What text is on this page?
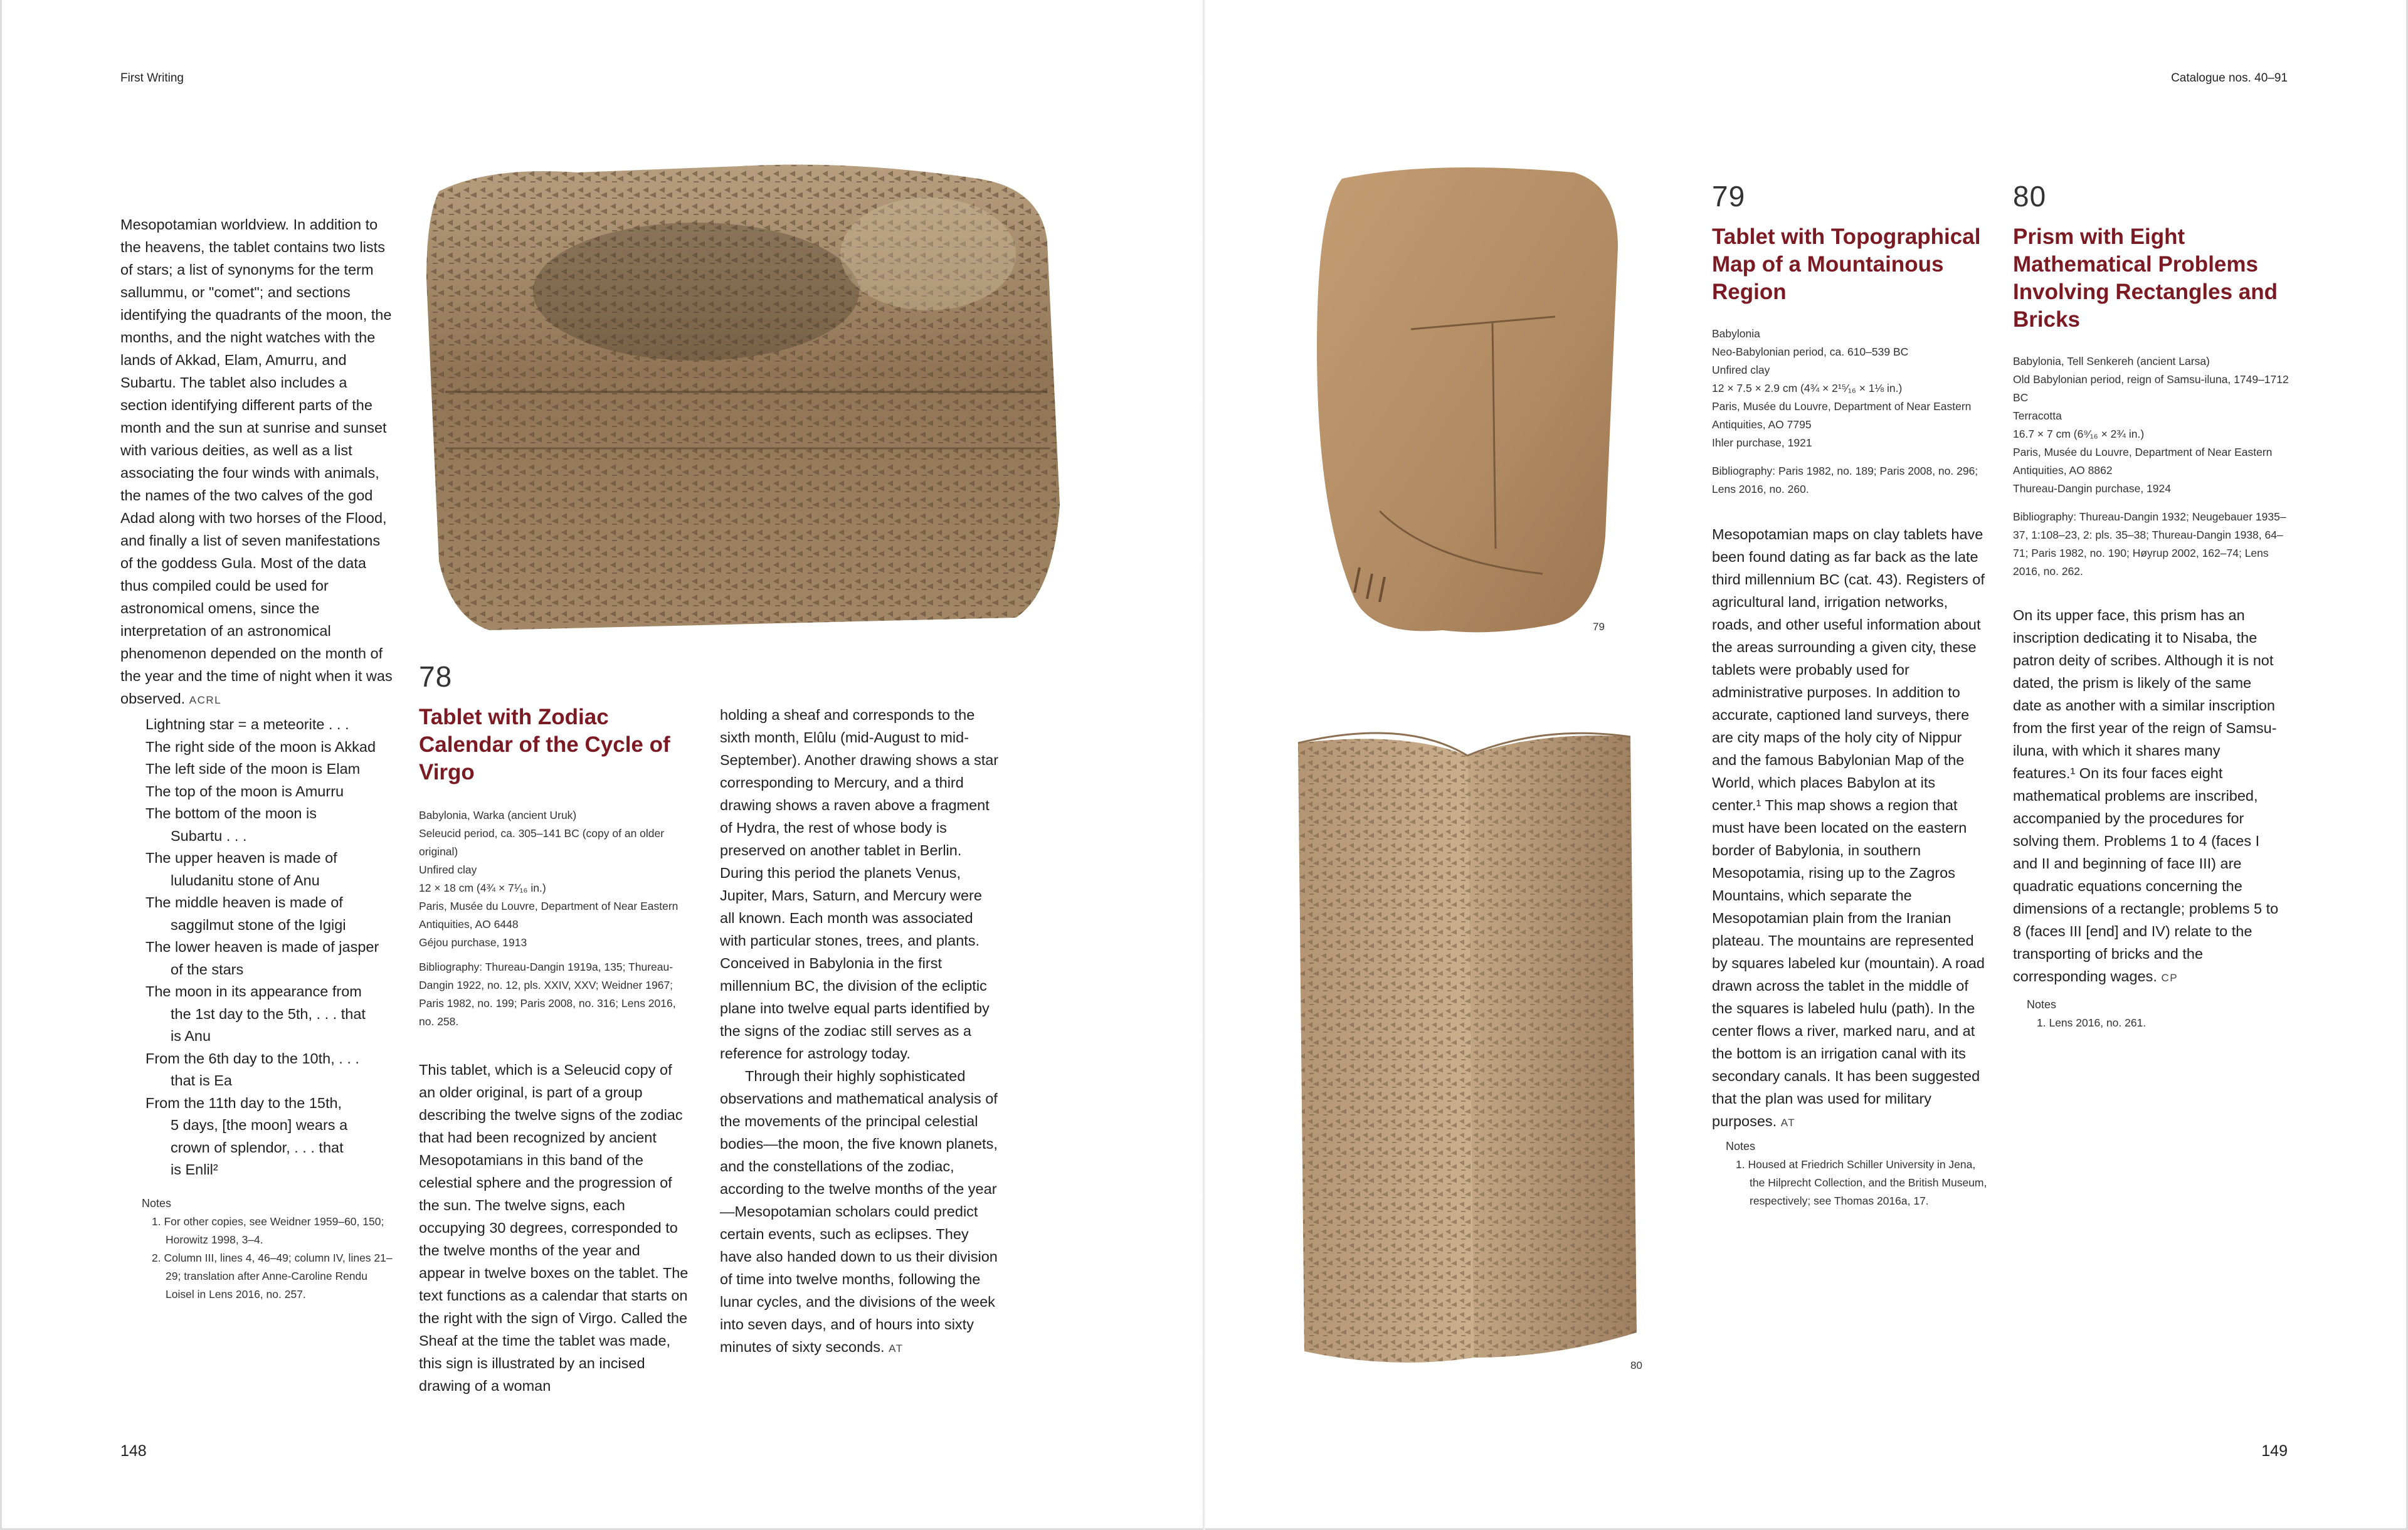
First Writing
148
Mesopotamian worldview. In addition to the heavens, the tablet contains two lists of stars; a list of synonyms for the term sallummu, or "comet"; and sections identifying the quadrants of the moon, the months, and the night watches with the lands of Akkad, Elam, Amurru, and Subartu. The tablet also includes a section identifying different parts of the month and the sun at sunrise and sunset with various deities, as well as a list associating the four winds with animals, the names of the two calves of the god Adad along with two horses of the Flood, and finally a list of seven manifestations of the goddess Gula. Most of the data thus compiled could be used for astronomical omens, since the interpretation of an astronomical phenomenon depended on the month of the year and the time of night when it was observed. ACRL
Lightning star = a meteorite . . .
The right side of the moon is Akkad
The left side of the moon is Elam
The top of the moon is Amurru
The bottom of the moon is
Subartu . . .
The upper heaven is made of
luludanitu stone of Anu
The middle heaven is made of
saggilmut stone of the Igigi
The lower heaven is made of jasper
of the stars
The moon in its appearance from
the 1st day to the 5th, . . . that
is Anu
From the 6th day to the 10th, . . .
that is Ea
From the 11th day to the 15th,
5 days, [the moon] wears a
crown of splendor, . . . that
is Enlil²
Notes
1. For other copies, see Weidner 1959–60, 150; Horowitz 1998, 3–4.
2. Column III, lines 4, 46–49; column IV, lines 21–29; translation after Anne-Caroline Rendu Loisel in Lens 2016, no. 257.
78
Tablet with Zodiac Calendar of the Cycle of Virgo

Babylonia, Warka (ancient Uruk)

Seleucid period, ca. 305–141 BC (copy of an older original)

Unfired clay

12 × 18 cm (4¾ × 7¹⁄₁₆ in.)

Paris, Musée du Louvre, Department of Near Eastern Antiquities, AO 6448

Géjou purchase, 1913

Bibliography: Thureau-Dangin 1919a, 135; Thureau-Dangin 1922, no. 12, pls. XXIV, XXV; Weidner 1967; Paris 1982, no. 199; Paris 2008, no. 316; Lens 2016, no. 258.

This tablet, which is a Seleucid copy of an older original, is part of a group describing the twelve signs of the zodiac that had been recognized by ancient Mesopotamians in this band of the celestial sphere and the progression of the sun. The twelve signs, each occupying 30 degrees, corresponded to the twelve months of the year and appear in twelve boxes on the tablet. The text functions as a calendar that starts on the right with the sign of Virgo. Called the Sheaf at the time the tablet was made, this sign is illustrated by an incised drawing of a woman

holding a sheaf and corresponds to the sixth month, Elûlu (mid-August to mid-September). Another drawing shows a star corresponding to Mercury, and a third drawing shows a raven above a fragment of Hydra, the rest of whose body is preserved on another tablet in Berlin. During this period the planets Venus, Jupiter, Mars, Saturn, and Mercury were all known. Each month was associated with particular stones, trees, and plants. Conceived in Babylonia in the first millennium BC, the division of the ecliptic plane into twelve equal parts identified by the signs of the zodiac still serves as a reference for astrology today.

Through their highly sophisticated observations and mathematical analysis of the movements of the principal celestial bodies—the moon, the five known planets, and the constellations of the zodiac, according to the twelve months of the year—Mesopotamian scholars could predict certain events, such as eclipses. They have also handed down to us their division of time into twelve months, following the lunar cycles, and the divisions of the week into seven days, and of hours into sixty minutes of sixty seconds. AT

Catalogue nos. 40–91
149
79
80
79
Tablet with Topographical Map of a Mountainous Region

Babylonia

Neo-Babylonian period, ca. 610–539 BC

Unfired clay

12 × 7.5 × 2.9 cm (4¾ × 2¹⁵⁄₁₆ × 1⅛ in.)

Paris, Musée du Louvre, Department of Near Eastern Antiquities, AO 7795

Ihler purchase, 1921

Bibliography: Paris 1982, no. 189; Paris 2008, no. 296; Lens 2016, no. 260.
Mesopotamian maps on clay tablets have been found dating as far back as the late third millennium BC (cat. 43). Registers of agricultural land, irrigation networks, roads, and other useful information about the areas surrounding a given city, these tablets were probably used for administrative purposes. In addition to accurate, captioned land surveys, there are city maps of the holy city of Nippur and the famous Babylonian Map of the World, which places Babylon at its center.¹ This map shows a region that must have been located on the eastern border of Babylonia, in southern Mesopotamia, rising up to the Zagros Mountains, which separate the Mesopotamian plain from the Iranian plateau. The mountains are represented by squares labeled kur (mountain). A road drawn across the tablet in the middle of the squares is labeled hulu (path). In the center flows a river, marked naru, and at the bottom is an irrigation canal with its secondary canals. It has been suggested that the plan was used for military purposes. AT
Notes
1. Housed at Friedrich Schiller University in Jena, the Hilprecht Collection, and the British Museum, respectively; see Thomas 2016a, 17.
80
Prism with Eight Mathematical Problems Involving Rectangles and Bricks

Babylonia, Tell Senkereh (ancient Larsa)

Old Babylonian period, reign of Samsu-iluna, 1749–1712 BC

Terracotta

16.7 × 7 cm (6⁹⁄₁₆ × 2¾ in.)

Paris, Musée du Louvre, Department of Near Eastern Antiquities, AO 8862

Thureau-Dangin purchase, 1924

Bibliography: Thureau-Dangin 1932; Neugebauer 1935–37, 1:108–23, 2: pls. 35–38; Thureau-Dangin 1938, 64–71; Paris 1982, no. 190; Høyrup 2002, 162–74; Lens 2016, no. 262.
On its upper face, this prism has an inscription dedicating it to Nisaba, the patron deity of scribes. Although it is not dated, the prism is likely of the same date as another with a similar inscription from the first year of the reign of Samsu-iluna, with which it shares many features.¹ On its four faces eight mathematical problems are inscribed, accompanied by the procedures for solving them. Problems 1 to 4 (faces I and II and beginning of face III) are quadratic equations concerning the dimensions of a rectangle; problems 5 to 8 (faces III [end] and IV) relate to the transporting of bricks and the corresponding wages. CP
Notes
1. Lens 2016, no. 261.
